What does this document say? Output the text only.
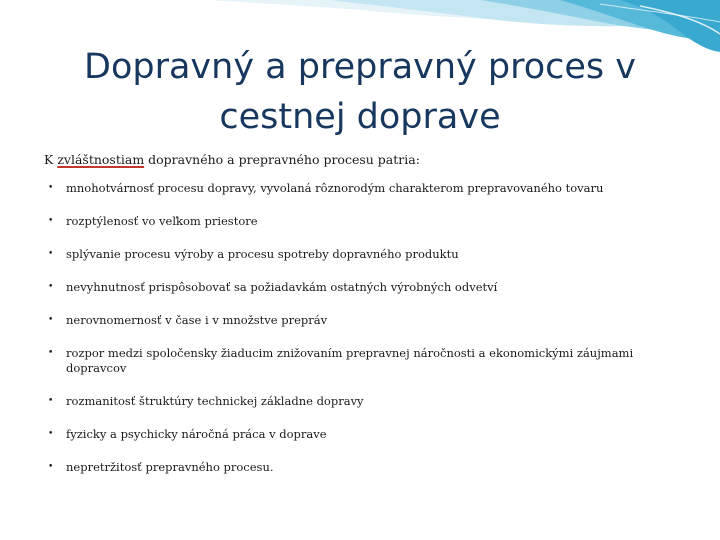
Dopravný a prepravný proces v
cestnej doprave

K zvláštnostiam dopravného a prepravného procesu patria:

• mnohotvárnosť procesu dopravy, vyvolaná rôznorodým charakterom prepravovaného tovaru
• rozptýlenosť vo veľkom priestore
• splývanie procesu výroby a procesu spotreby dopravného produktu
• nevyhnutnosť prispôsobovať sa požiadavkám ostatných výrobných odvetví
• nerovnomernosť v čase i v množstve prepráv
• rozpor medzi spoločensky žiaducim znižovaním prepravnej náročnosti a ekonomickými záujmami dopravcov
• rozmanitosť štruktúry technickej základne dopravy
• fyzicky a psychicky náročná práca v doprave
• nepretržitosť prepravného procesu.
